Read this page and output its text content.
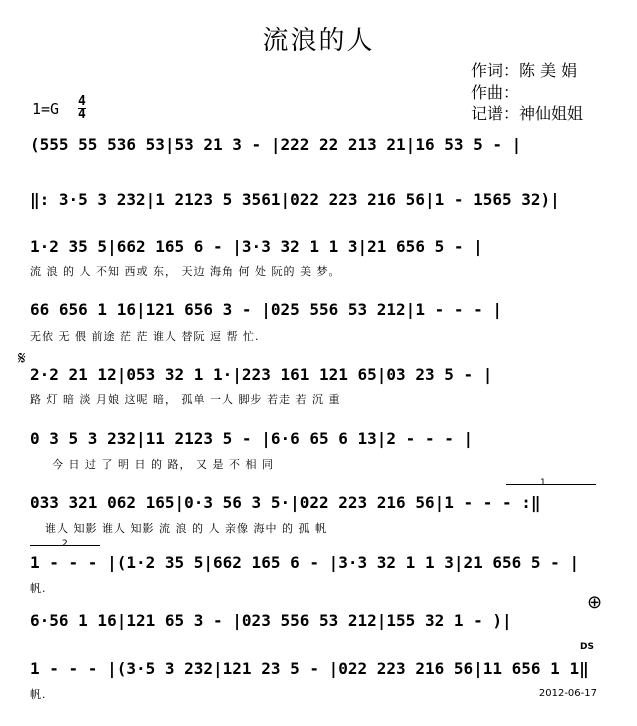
流浪的人
作词：陈 美 娟
作曲：
记谱：神仙姐姐
1=G 4
4
(555 55 536 53|53 21 3 - |222 22 213 21|16 53 5 - |
‖: 3·5 3 232|1 2123 5 3561|022 223 216 56|1 - 1565 32)|
1·2 35 5|662 165 6 - |3·3 32 1 1 3|21 656 5 - |
流 浪 的 人 不知 西或 东， 天边 海角 何 处 阮的 美 梦。
66 656 1 16|121 656 3 - |025 556 53 212|1 - - - |
无依 无 偎 前途 茫 茫 谁人 替阮 逗 帮 忙.
𝄋
2·2 21 12|053 32 1 1·|223 161 121 65|03 23 5 - |
路 灯 暗 淡 月娘 这呢 暗， 孤单 一人 脚步 若走 若 沉 重
0 3 5 3 232|11 2123 5 - |6·6 65 6 13|2 - - - |
今 日 过 了 明 日 的 路， 又 是 不 相 同
1
033 321 062 165|0·3 56 3 5·|022 223 216 56|1 - - - :‖
谁人 知影 谁人 知影 流 浪 的 人 亲像 海中 的 孤 帆
2
1 - - - |(1·2 35 5|662 165 6 - |3·3 32 1 1 3|21 656 5 - |
帆.
⊕
6·56 1 16|121 65 3 - |023 556 53 212|155 32 1 - )|
DS
1 - - - |(3·5 3 232|121 23 5 - |022 223 216 56|11 656 1 1‖
帆.	2012-06-17
